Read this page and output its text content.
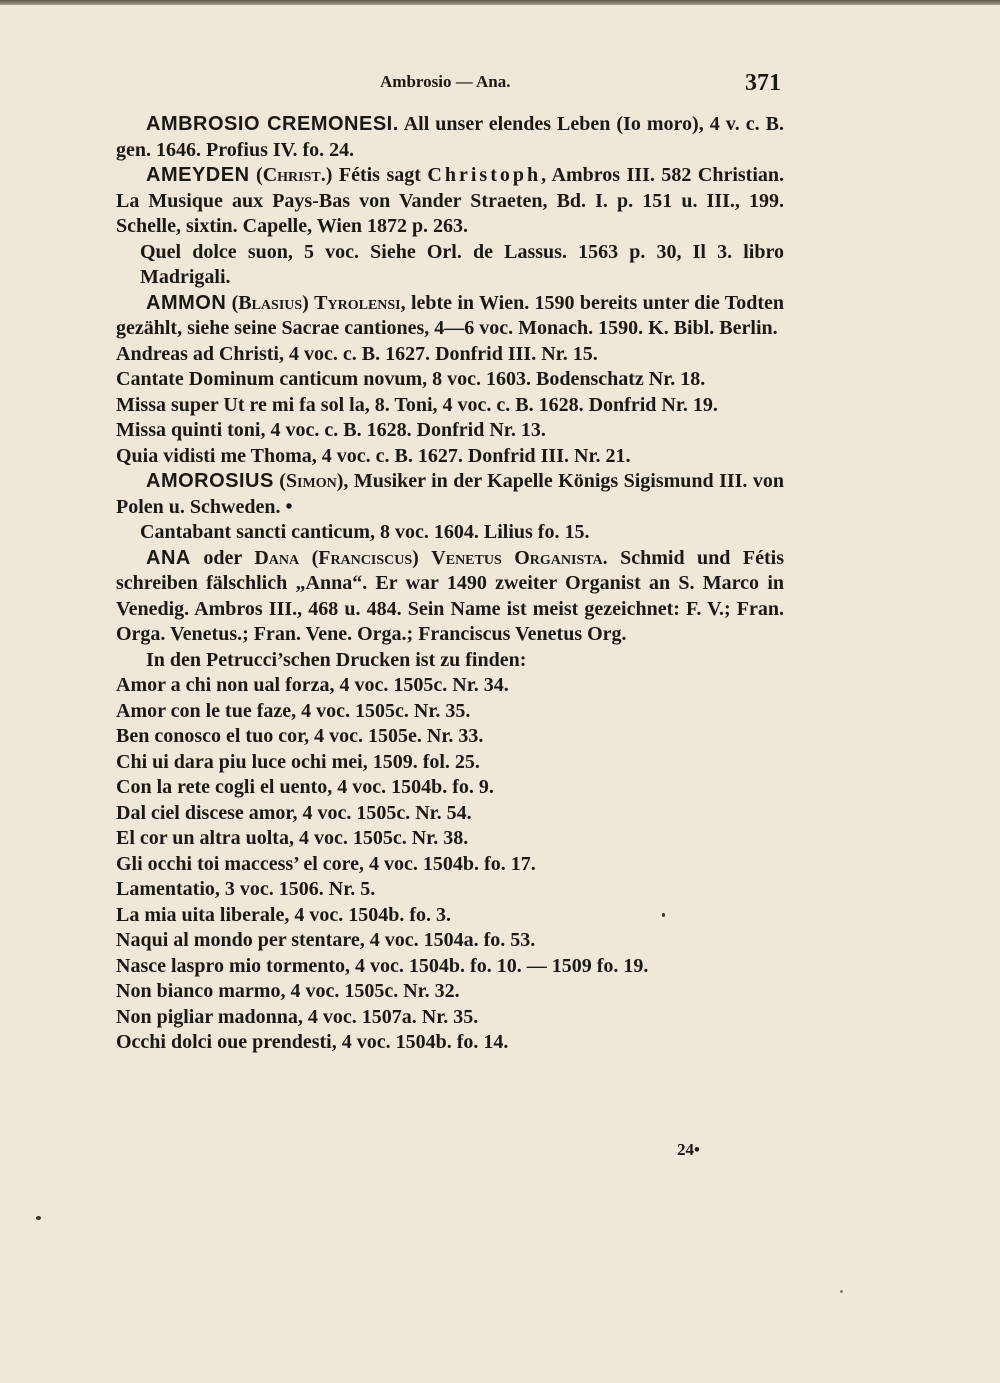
Ambrosio — Ana.	371

AMBROSIO CREMONESI. All unser elendes Leben (Io moro), 4 v. c. B. gen. 1646. Profius IV. fo. 24.

AMEYDEN (Christ.) Fétis sagt Christoph, Ambros III. 582 Christian. La Musique aux Pays-Bas von Vander Straeten, Bd. I. p. 151 u. III., 199. Schelle, sixtin. Capelle, Wien 1872 p. 263.

Quel dolce suon, 5 voc. Siehe Orl. de Lassus. 1563 p. 30, Il 3. libro Madrigali.

AMMON (Blasius) Tyrolensi, lebte in Wien. 1590 bereits unter die Todten gezählt, siehe seine Sacrae cantiones, 4—6 voc. Monach. 1590. K. Bibl. Berlin.

Andreas ad Christi, 4 voc. c. B. 1627. Donfrid III. Nr. 15.

Cantate Dominum canticum novum, 8 voc. 1603. Bodenschatz Nr. 18.

Missa super Ut re mi fa sol la, 8. Toni, 4 voc. c. B. 1628. Donfrid Nr. 19.

Missa quinti toni, 4 voc. c. B. 1628. Donfrid Nr. 13.

Quia vidisti me Thoma, 4 voc. c. B. 1627. Donfrid III. Nr. 21.

AMOROSIUS (Simon), Musiker in der Kapelle Königs Sigismund III. von Polen u. Schweden. •

Cantabant sancti canticum, 8 voc. 1604. Lilius fo. 15.

ANA oder Dana (Franciscus) Venetus Organista. Schmid und Fétis schreiben fälschlich „Anna“. Er war 1490 zweiter Organist an S. Marco in Venedig. Ambros III., 468 u. 484. Sein Name ist meist gezeichnet: F. V.; Fran. Orga. Venetus.; Fran. Vene. Orga.; Franciscus Venetus Org.

In den Petrucci’schen Drucken ist zu finden:

Amor a chi non ual forza, 4 voc. 1505c. Nr. 34.

Amor con le tue faze, 4 voc. 1505c. Nr. 35.

Ben conosco el tuo cor, 4 voc. 1505e. Nr. 33.

Chi ui dara piu luce ochi mei, 1509. fol. 25.

Con la rete cogli el uento, 4 voc. 1504b. fo. 9.

Dal ciel discese amor, 4 voc. 1505c. Nr. 54.

El cor un altra uolta, 4 voc. 1505c. Nr. 38.

Gli occhi toi maccess’ el core, 4 voc. 1504b. fo. 17.

Lamentatio, 3 voc. 1506. Nr. 5.

La mia uita liberale, 4 voc. 1504b. fo. 3.

Naqui al mondo per stentare, 4 voc. 1504a. fo. 53.

Nasce laspro mio tormento, 4 voc. 1504b. fo. 10. — 1509 fo. 19.

Non bianco marmo, 4 voc. 1505c. Nr. 32.

Non pigliar madonna, 4 voc. 1507a. Nr. 35.

Occhi dolci oue prendesti, 4 voc. 1504b. fo. 14.

24•
